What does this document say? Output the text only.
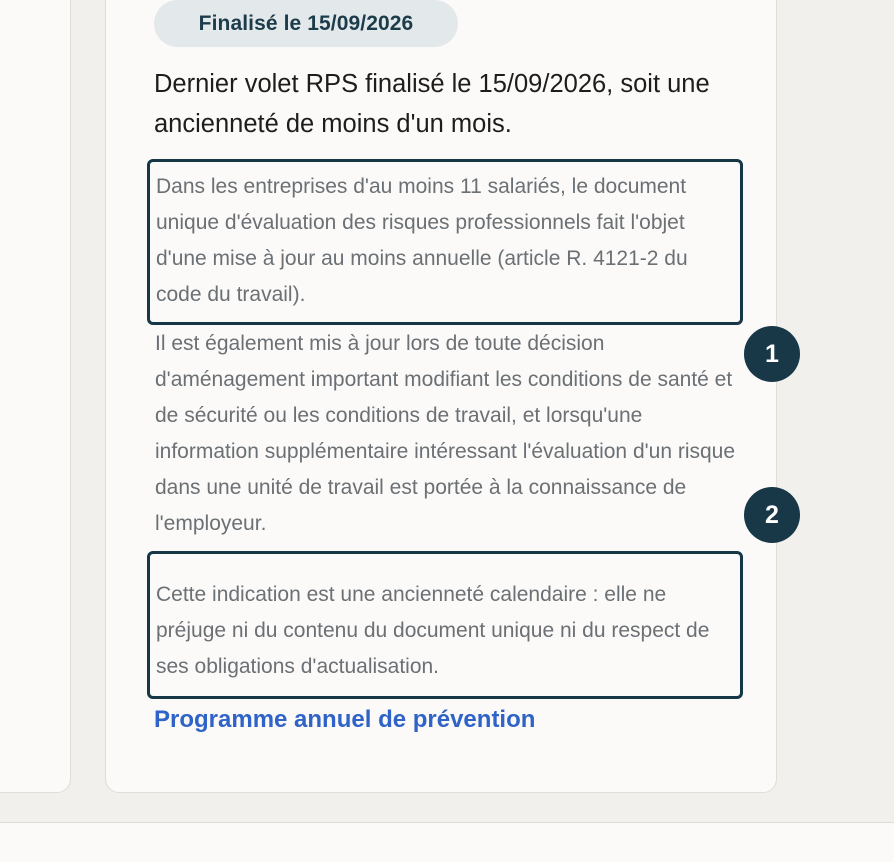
Finalisé le 15/09/2026

Dernier volet RPS finalisé le 15/09/2026, soit une ancienneté de moins d'un mois.

Dans les entreprises d'au moins 11 salariés, le document unique d'évaluation des risques professionnels fait l'objet d'une mise à jour au moins annuelle (article R. 4121-2 du code du travail).

Il est également mis à jour lors de toute décision d'aménagement important modifiant les conditions de santé et de sécurité ou les conditions de travail, et lorsqu'une information supplémentaire intéressant l'évaluation d'un risque dans une unité de travail est portée à la connaissance de l'employeur.

Cette indication est une ancienneté calendaire : elle ne préjuge ni du contenu du document unique ni du respect de ses obligations d'actualisation.
1
2
Programme annuel de prévention
